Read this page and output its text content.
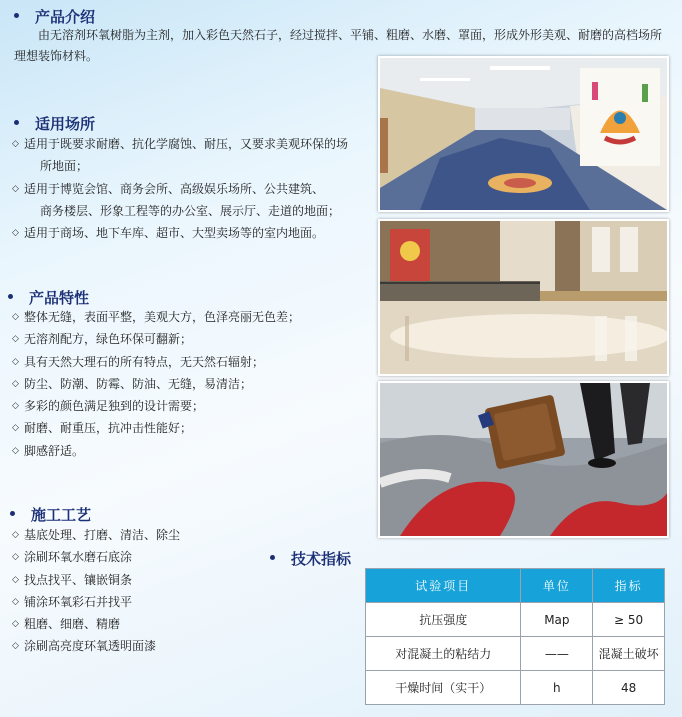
产品介绍
由无溶剂环氧树脂为主剂，加入彩色天然石子，经过搅拌、平铺、粗磨、水磨、罩面，形成外形美观、耐磨的高档场所理想装饰材料。
适用场所
◇ 适用于既要求耐磨、抗化学腐蚀、耐压，又要求美观环保的场
所地面；
◇ 适用于博览会馆、商务会所、高级娱乐场所、公共建筑、
商务楼层、形象工程等的办公室、展示厅、走道的地面；
◇ 适用于商场、地下车库、超市、大型卖场等的室内地面。
产品特性
◇ 整体无缝，表面平整，美观大方，色泽亮丽无色差；
◇ 无溶剂配方，绿色环保可翻新；
◇ 具有天然大理石的所有特点，无天然石辐射；
◇ 防尘、防潮、防霉、防油、无缝，易清洁；
◇ 多彩的颜色满足独到的设计需要；
◇ 耐磨、耐重压，抗冲击性能好；
◇ 脚感舒适。
施工工艺
◇ 基底处理、打磨、清洁、除尘
◇ 涂刷环氧水磨石底涂
◇ 找点找平、镶嵌铜条
◇ 铺涂环氧彩石并找平
◇ 粗磨、细磨、精磨
◇ 涂刷高亮度环氧透明面漆
技术指标
试验项目	单位	指标
抗压强度	Map	≥ 50
对混凝土的粘结力	——	混凝土破坏
干燥时间（实干）	h	48
